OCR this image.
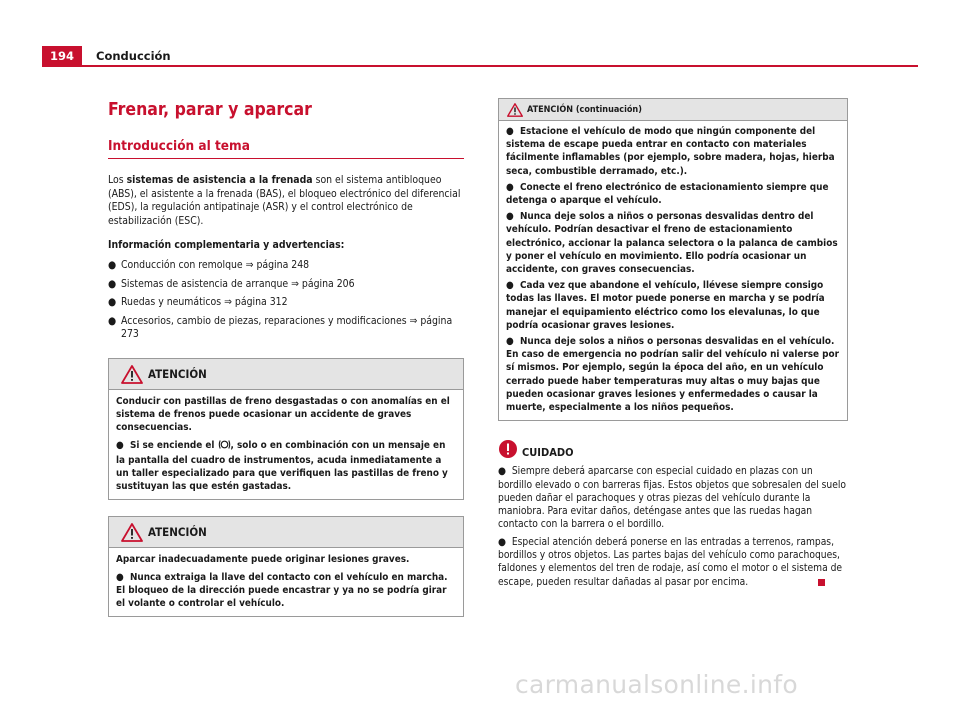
194	Conducción
Frenar, parar y aparcar
Introducción al tema

Los sistemas de asistencia a la frenada son el sistema antibloqueo (ABS), el asistente a la frenada (BAS), el bloqueo electrónico del diferencial (EDS), la regulación antipatinaje (ASR) y el control electrónico de estabilización (ESC).

Información complementaria y advertencias:

● Conducción con remolque ⇒ página 248
● Sistemas de asistencia de arranque ⇒ página 206
● Ruedas y neumáticos ⇒ página 312
● Accesorios, cambio de piezas, reparaciones y modificaciones ⇒ página 273
ATENCIÓN

Conducir con pastillas de freno desgastadas o con anomalías en el sistema de frenos puede ocasionar un accidente de graves consecuencias.

● Si se enciende el , solo o en combinación con un mensaje en la pantalla del cuadro de instrumentos, acuda inmediatamente a un taller especializado para que verifiquen las pastillas de freno y sustituyan las que estén gastadas.

ATENCIÓN

Aparcar inadecuadamente puede originar lesiones graves.

● Nunca extraiga la llave del contacto con el vehículo en marcha. El bloqueo de la dirección puede encastrar y ya no se podría girar el volante o controlar el vehículo.

ATENCIÓN (continuación)

● Estacione el vehículo de modo que ningún componente del sistema de escape pueda entrar en contacto con materiales fácilmente inflamables (por ejemplo, sobre madera, hojas, hierba seca, combustible derramado, etc.).

● Conecte el freno electrónico de estacionamiento siempre que detenga o aparque el vehículo.

● Nunca deje solos a niños o personas desvalidas dentro del vehículo. Podrían desactivar el freno de estacionamiento electrónico, accionar la palanca selectora o la palanca de cambios y poner el vehículo en movimiento. Ello podría ocasionar un accidente, con graves consecuencias.

● Cada vez que abandone el vehículo, llévese siempre consigo todas las llaves. El motor puede ponerse en marcha y se podría manejar el equipamiento eléctrico como los elevalunas, lo que podría ocasionar graves lesiones.

● Nunca deje solos a niños o personas desvalidas en el vehículo. En caso de emergencia no podrían salir del vehículo ni valerse por sí mismos. Por ejemplo, según la época del año, en un vehículo cerrado puede haber temperaturas muy altas o muy bajas que pueden ocasionar graves lesiones y enfermedades o causar la muerte, especialmente a los niños pequeños.

CUIDADO

● Siempre deberá aparcarse con especial cuidado en plazas con un bordillo elevado o con barreras fijas. Estos objetos que sobresalen del suelo pueden dañar el parachoques y otras piezas del vehículo durante la maniobra. Para evitar daños, deténgase antes que las ruedas hagan contacto con la barrera o el bordillo.

● Especial atención deberá ponerse en las entradas a terrenos, rampas, bordillos y otros objetos. Las partes bajas del vehículo como parachoques, faldones y elementos del tren de rodaje, así como el motor o el sistema de escape, pueden resultar dañadas al pasar por encima.

carmanualsonline.info
